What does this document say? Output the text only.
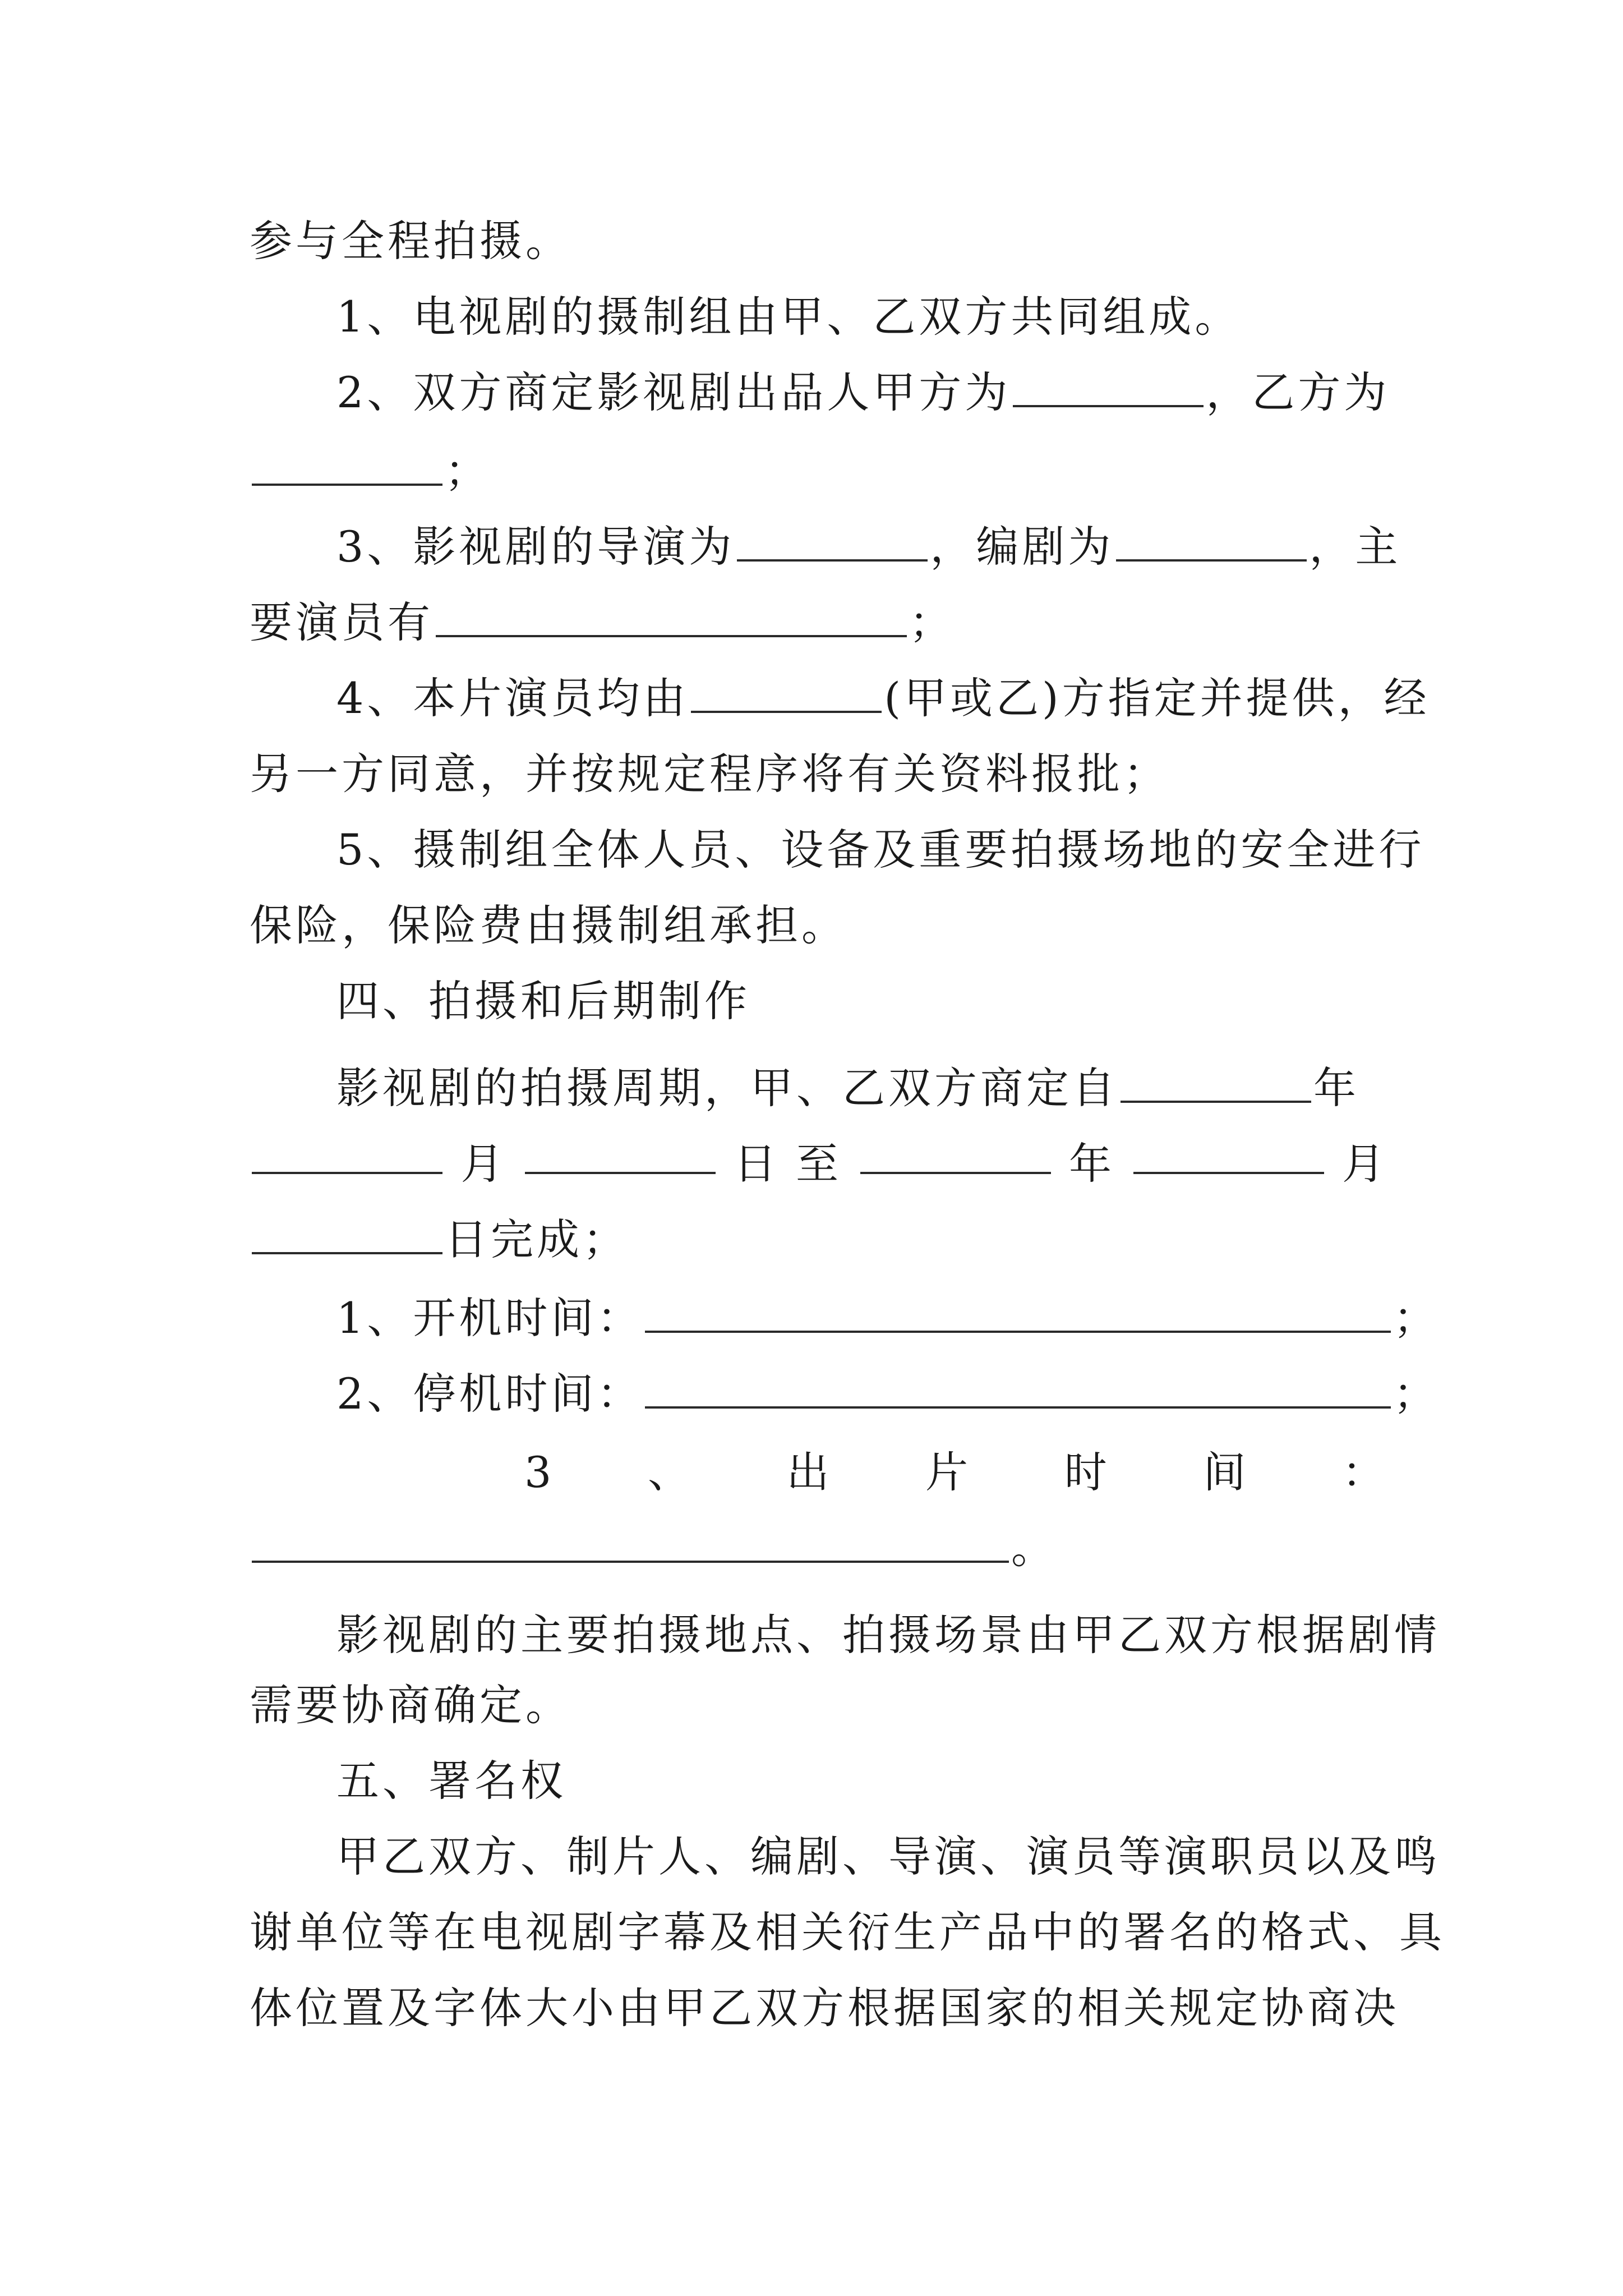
参与全程拍摄。

1、电视剧的摄制组由甲、乙双方共同组成。

2、双方商定影视剧出品人甲方为	，乙方为

；

3、影视剧的导演为	，编剧为	，主

要演员有	；

4、本片演员均由	(甲或乙)方指定并提供，经

另一方同意，并按规定程序将有关资料报批；

5、摄制组全体人员、设备及重要拍摄场地的安全进行

保险，保险费由摄制组承担。

四、拍摄和后期制作

影视剧的拍摄周期，甲、乙双方商定自	年

月	日 至	年	月

日完成；

1、开机时间：	；

2、停机时间：	；

3 、 出 片 时 间 ：

。

影视剧的主要拍摄地点、拍摄场景由甲乙双方根据剧情

需要协商确定。

五、署名权

甲乙双方、制片人、编剧、导演、演员等演职员以及鸣

谢单位等在电视剧字幕及相关衍生产品中的署名的格式、具

体位置及字体大小由甲乙双方根据国家的相关规定协商决
